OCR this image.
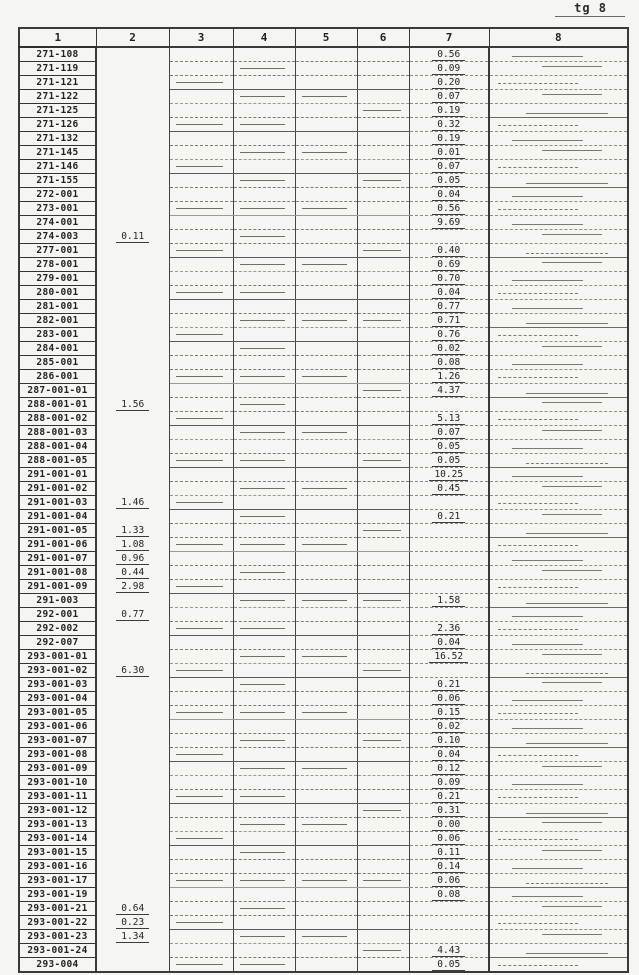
tg 8
1	2	3	4	5	6	7	8
271-108						0.56	
271-119						0.09	
271-121						0.20	
271-122						0.07	
271-125						0.19	
271-126						0.32	
271-132						0.19	
271-145						0.01	
271-146						0.07	
271-155						0.05	
272-001						0.04	
273-001						0.56	
274-001						9.69	
274-003	0.11						
277-001						0.40	
278-001						0.69	
279-001						0.70	
280-001						0.04	
281-001						0.77	
282-001						0.71	
283-001						0.76	
284-001						0.02	
285-001						0.08	
286-001						1.26	
287-001-01						4.37	
288-001-01	1.56						
288-001-02						5.13	
288-001-03						0.07	
288-001-04						0.05	
288-001-05						0.05	
291-001-01						10.25	
291-001-02						0.45	
291-001-03	1.46						
291-001-04						0.21	
291-001-05	1.33						
291-001-06	1.08						
291-001-07	0.96						
291-001-08	0.44						
291-001-09	2.98						
291-003						1.58	
292-001	0.77						
292-002						2.36	
292-007						0.04	
293-001-01						16.52	
293-001-02	6.30						
293-001-03						0.21	
293-001-04						0.06	
293-001-05						0.15	
293-001-06						0.02	
293-001-07						0.10	
293-001-08						0.04	
293-001-09						0.12	
293-001-10						0.09	
293-001-11						0.21	
293-001-12						0.31	
293-001-13						0.00	
293-001-14						0.06	
293-001-15						0.11	
293-001-16						0.14	
293-001-17						0.06	
293-001-19						0.08	
293-001-21	0.64						
293-001-22	0.23						
293-001-23	1.34						
293-001-24						4.43	
293-004						0.05	
